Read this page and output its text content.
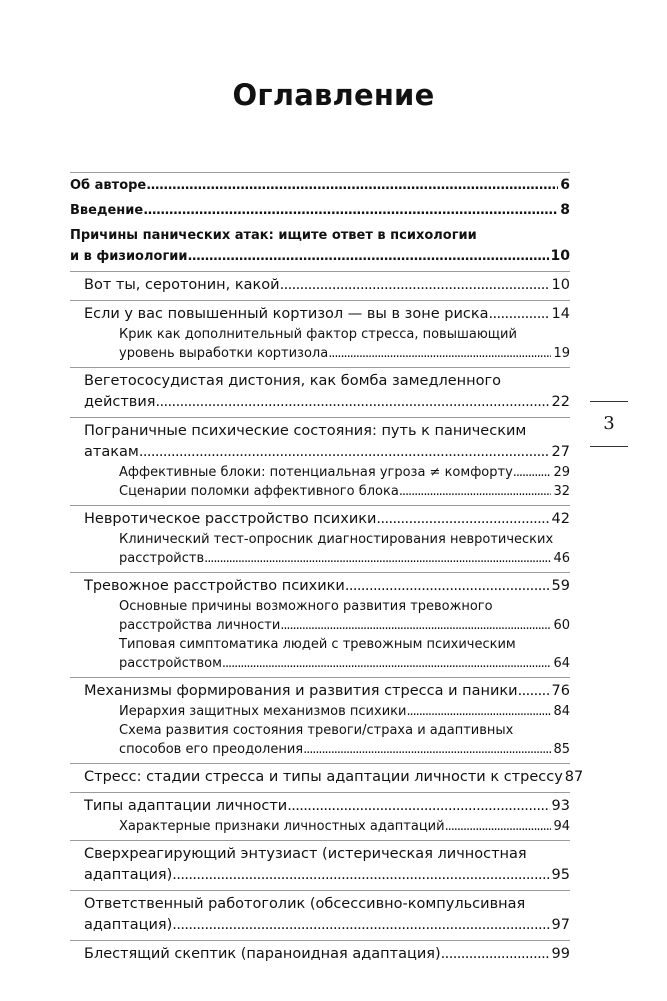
Оглавление
Об авторе . . .	6
Введение . . .	8
Причины панических атак: ищите ответ в психологии
и в физиологии . . .	10
Вот ты, серотонин, какой . . .	10
Если у вас повышенный кортизол — вы в зоне риска . . .	14
Крик как дополнительный фактор стресса, повышающий
уровень выработки кортизола . . .	19
Вегетососудистая дистония, как бомба замедленного
действия . . .	22
Пограничные психические состояния: путь к паническим
атакам . . .	27
Аффективные блоки: потенциальная угроза ≠ комфорту . . .	29
Сценарии поломки аффективного блока . . .	32
Невротическое расстройство психики . . .	42
Клинический тест-опросник диагностирования невротических
расстройств . . .	46
Тревожное расстройство психики . . .	59
Основные причины возможного развития тревожного
расстройства личности . . .	60
Типовая симптоматика людей с тревожным психическим
расстройством . . .	64
Механизмы формирования и развития стресса и паники . . . 76
Иерархия защитных механизмов психики . . .	84
Схема развития состояния тревоги/страха и адаптивных
способов его преодоления . . .	85
Стресс: стадии стресса и типы адаптации личности к стрессу 87
Типы адаптации личности . . .	93
Характерные признаки личностных адаптаций . . .	94
Сверхреагирующий энтузиаст (истерическая личностная
адаптация) . . .	95
Ответственный работоголик (обсессивно-компульсивная
адаптация) . . .	97
Блестящий скептик (параноидная адаптация) . . .	99
3
